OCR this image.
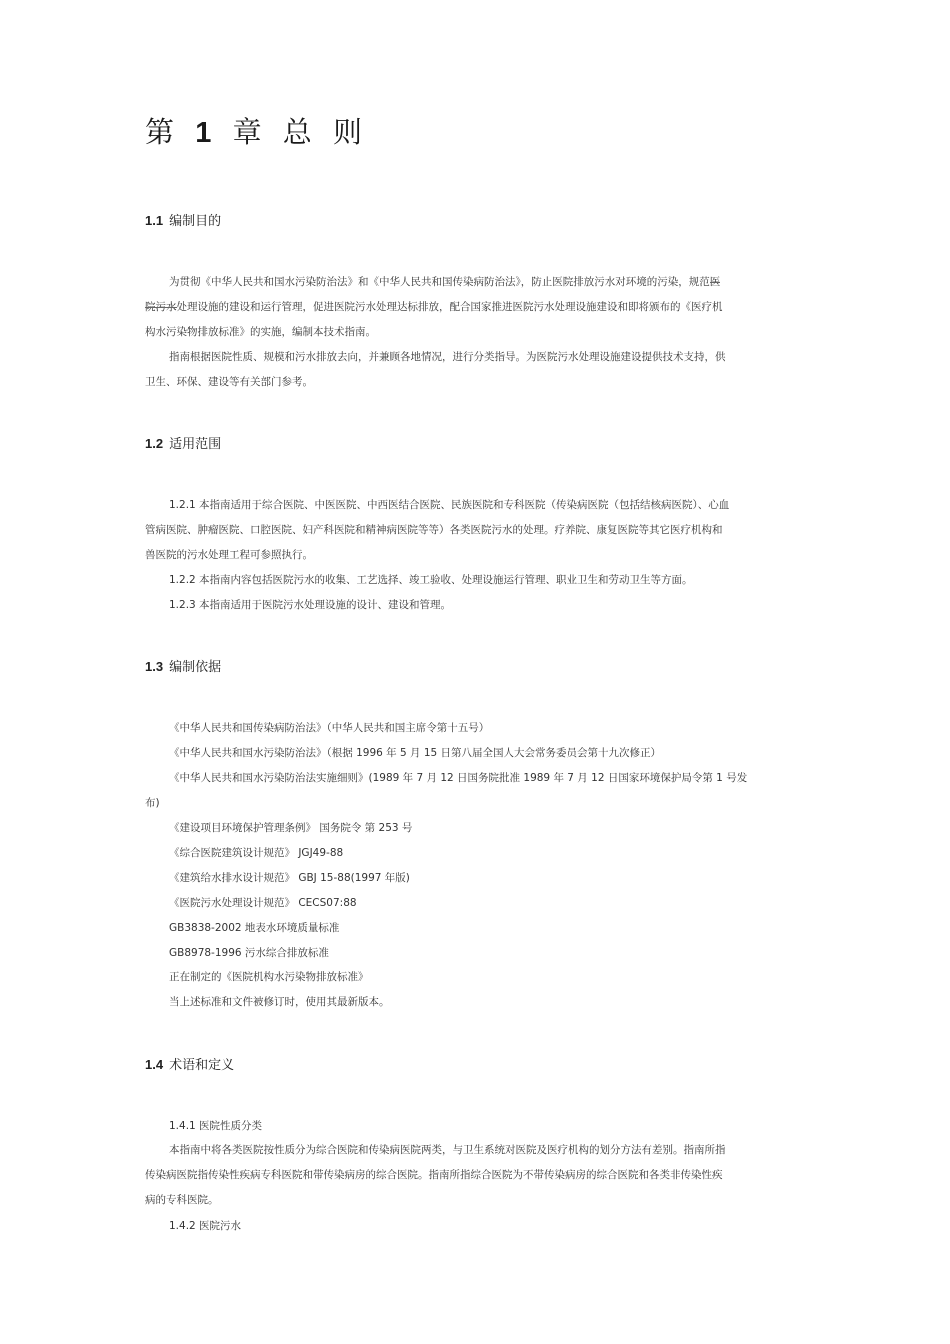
第 1 章 总 则
1.1 编制目的
为贯彻《中华人民共和国水污染防治法》和《中华人民共和国传染病防治法》，防止医院排放污水对环境的污染，规范医
院污水处理设施的建设和运行管理，促进医院污水处理达标排放，配合国家推进医院污水处理设施建设和即将颁布的《医疗机
构水污染物排放标准》的实施，编制本技术指南。
指南根据医院性质、规模和污水排放去向，并兼顾各地情况，进行分类指导。为医院污水处理设施建设提供技术支持，供
卫生、环保、建设等有关部门参考。
1.2 适用范围
1.2.1 本指南适用于综合医院、中医医院、中西医结合医院、民族医院和专科医院（传染病医院（包括结核病医院）、心血
管病医院、肿瘤医院、口腔医院、妇产科医院和精神病医院等等）各类医院污水的处理。疗养院、康复医院等其它医疗机构和
兽医院的污水处理工程可参照执行。
1.2.2 本指南内容包括医院污水的收集、工艺选择、竣工验收、处理设施运行管理、职业卫生和劳动卫生等方面。
1.2.3 本指南适用于医院污水处理设施的设计、建设和管理。
1.3 编制依据
《中华人民共和国传染病防治法》（中华人民共和国主席令第十五号）
《中华人民共和国水污染防治法》（根据 1996 年 5 月 15 日第八届全国人大会常务委员会第十九次修正）
《中华人民共和国水污染防治法实施细则》(1989 年 7 月 12 日国务院批准 1989 年 7 月 12 日国家环境保护局令第 1 号发
布)
《建设项目环境保护管理条例》 国务院令 第 253 号
《综合医院建筑设计规范》 JGJ49-88
《建筑给水排水设计规范》 GBJ 15-88(1997 年版)
《医院污水处理设计规范》 CECS07:88
GB3838-2002 地表水环境质量标准
GB8978-1996 污水综合排放标准
正在制定的《医院机构水污染物排放标准》
当上述标准和文件被修订时，使用其最新版本。
1.4 术语和定义
1.4.1 医院性质分类
本指南中将各类医院按性质分为综合医院和传染病医院两类，与卫生系统对医院及医疗机构的划分方法有差别。指南所指
传染病医院指传染性疾病专科医院和带传染病房的综合医院。指南所指综合医院为不带传染病房的综合医院和各类非传染性疾
病的专科医院。
1.4.2 医院污水
